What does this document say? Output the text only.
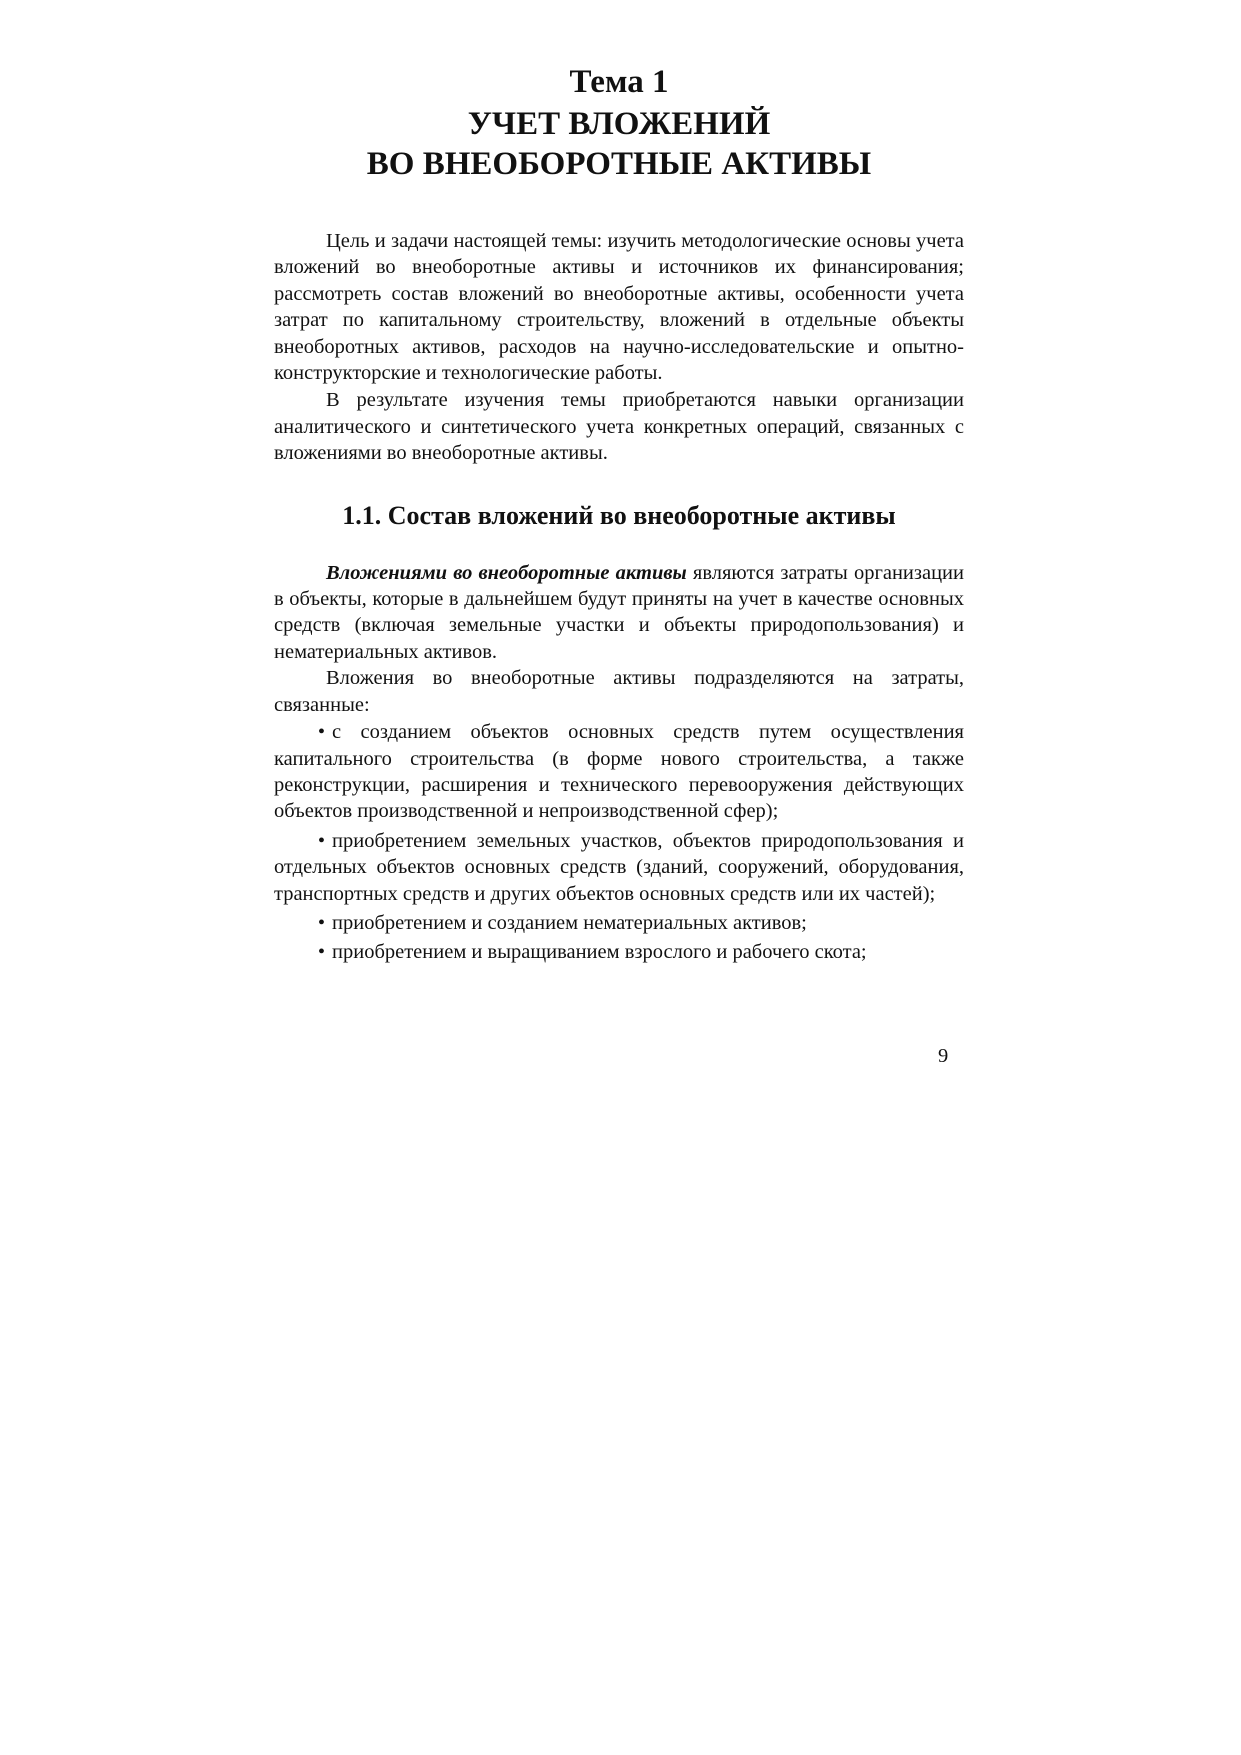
Тема 1
УЧЕТ ВЛОЖЕНИЙ
ВО ВНЕОБОРОТНЫЕ АКТИВЫ

Цель и задачи настоящей темы: изучить методологические основы учета вложений во внеоборотные активы и источников их финансирования; рассмотреть состав вложений во внеоборотные активы, особенности учета затрат по капитальному строительству, вложений в отдельные объекты внеоборотных активов, расходов на научно-исследовательские и опытно-конструкторские и технологические работы.

В результате изучения темы приобретаются навыки организации аналитического и синтетического учета конкретных операций, связанных с вложениями во внеоборотные активы.

1.1. Состав вложений во внеоборотные активы

Вложениями во внеоборотные активы являются затраты организации в объекты, которые в дальнейшем будут приняты на учет в качестве основных средств (включая земельные участки и объекты природопользования) и нематериальных активов.

Вложения во внеоборотные активы подразделяются на затраты, связанные:

• с созданием объектов основных средств путем осуществления капитального строительства (в форме нового строительства, а также реконструкции, расширения и технического перевооружения действующих объектов производственной и непроизводственной сфер);
• приобретением земельных участков, объектов природопользования и отдельных объектов основных средств (зданий, сооружений, оборудования, транспортных средств и других объектов основных средств или их частей);
• приобретением и созданием нематериальных активов;
• приобретением и выращиванием взрослого и рабочего скота;
9
